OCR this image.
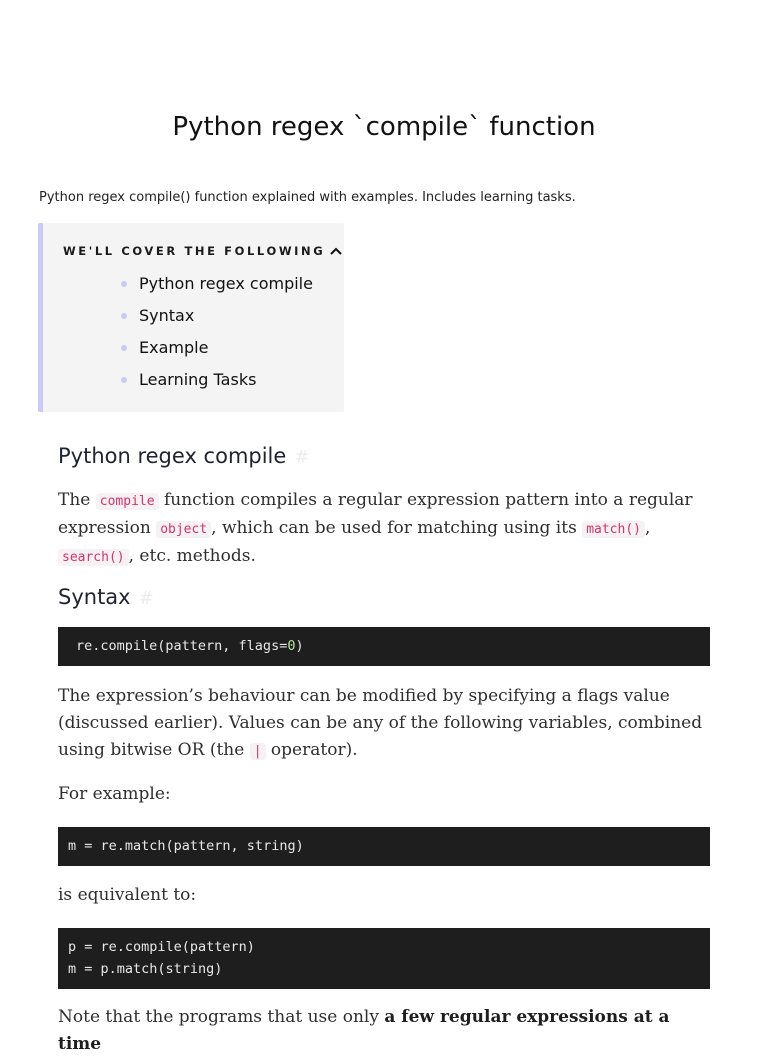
Python regex `compile` function

Python regex compile() function explained with examples. Includes learning tasks.

WE'LL COVER THE FOLLOWING
Python regex compile
Syntax
Example
Learning Tasks
Python regex compile #

The compile function compiles a regular expression pattern into a regular expression object , which can be used for matching using its match() , search() , etc. methods.

Syntax #
re.compile(pattern, flags=0)

The expression’s behaviour can be modified by specifying a flags value (discussed earlier). Values can be any of the following variables, combined using bitwise OR (the | operator).

For example:

m = re.match(pattern, string)

is equivalent to:

p = re.compile(pattern)
m = p.match(string)

Note that the programs that use only a few regular expressions at a time
